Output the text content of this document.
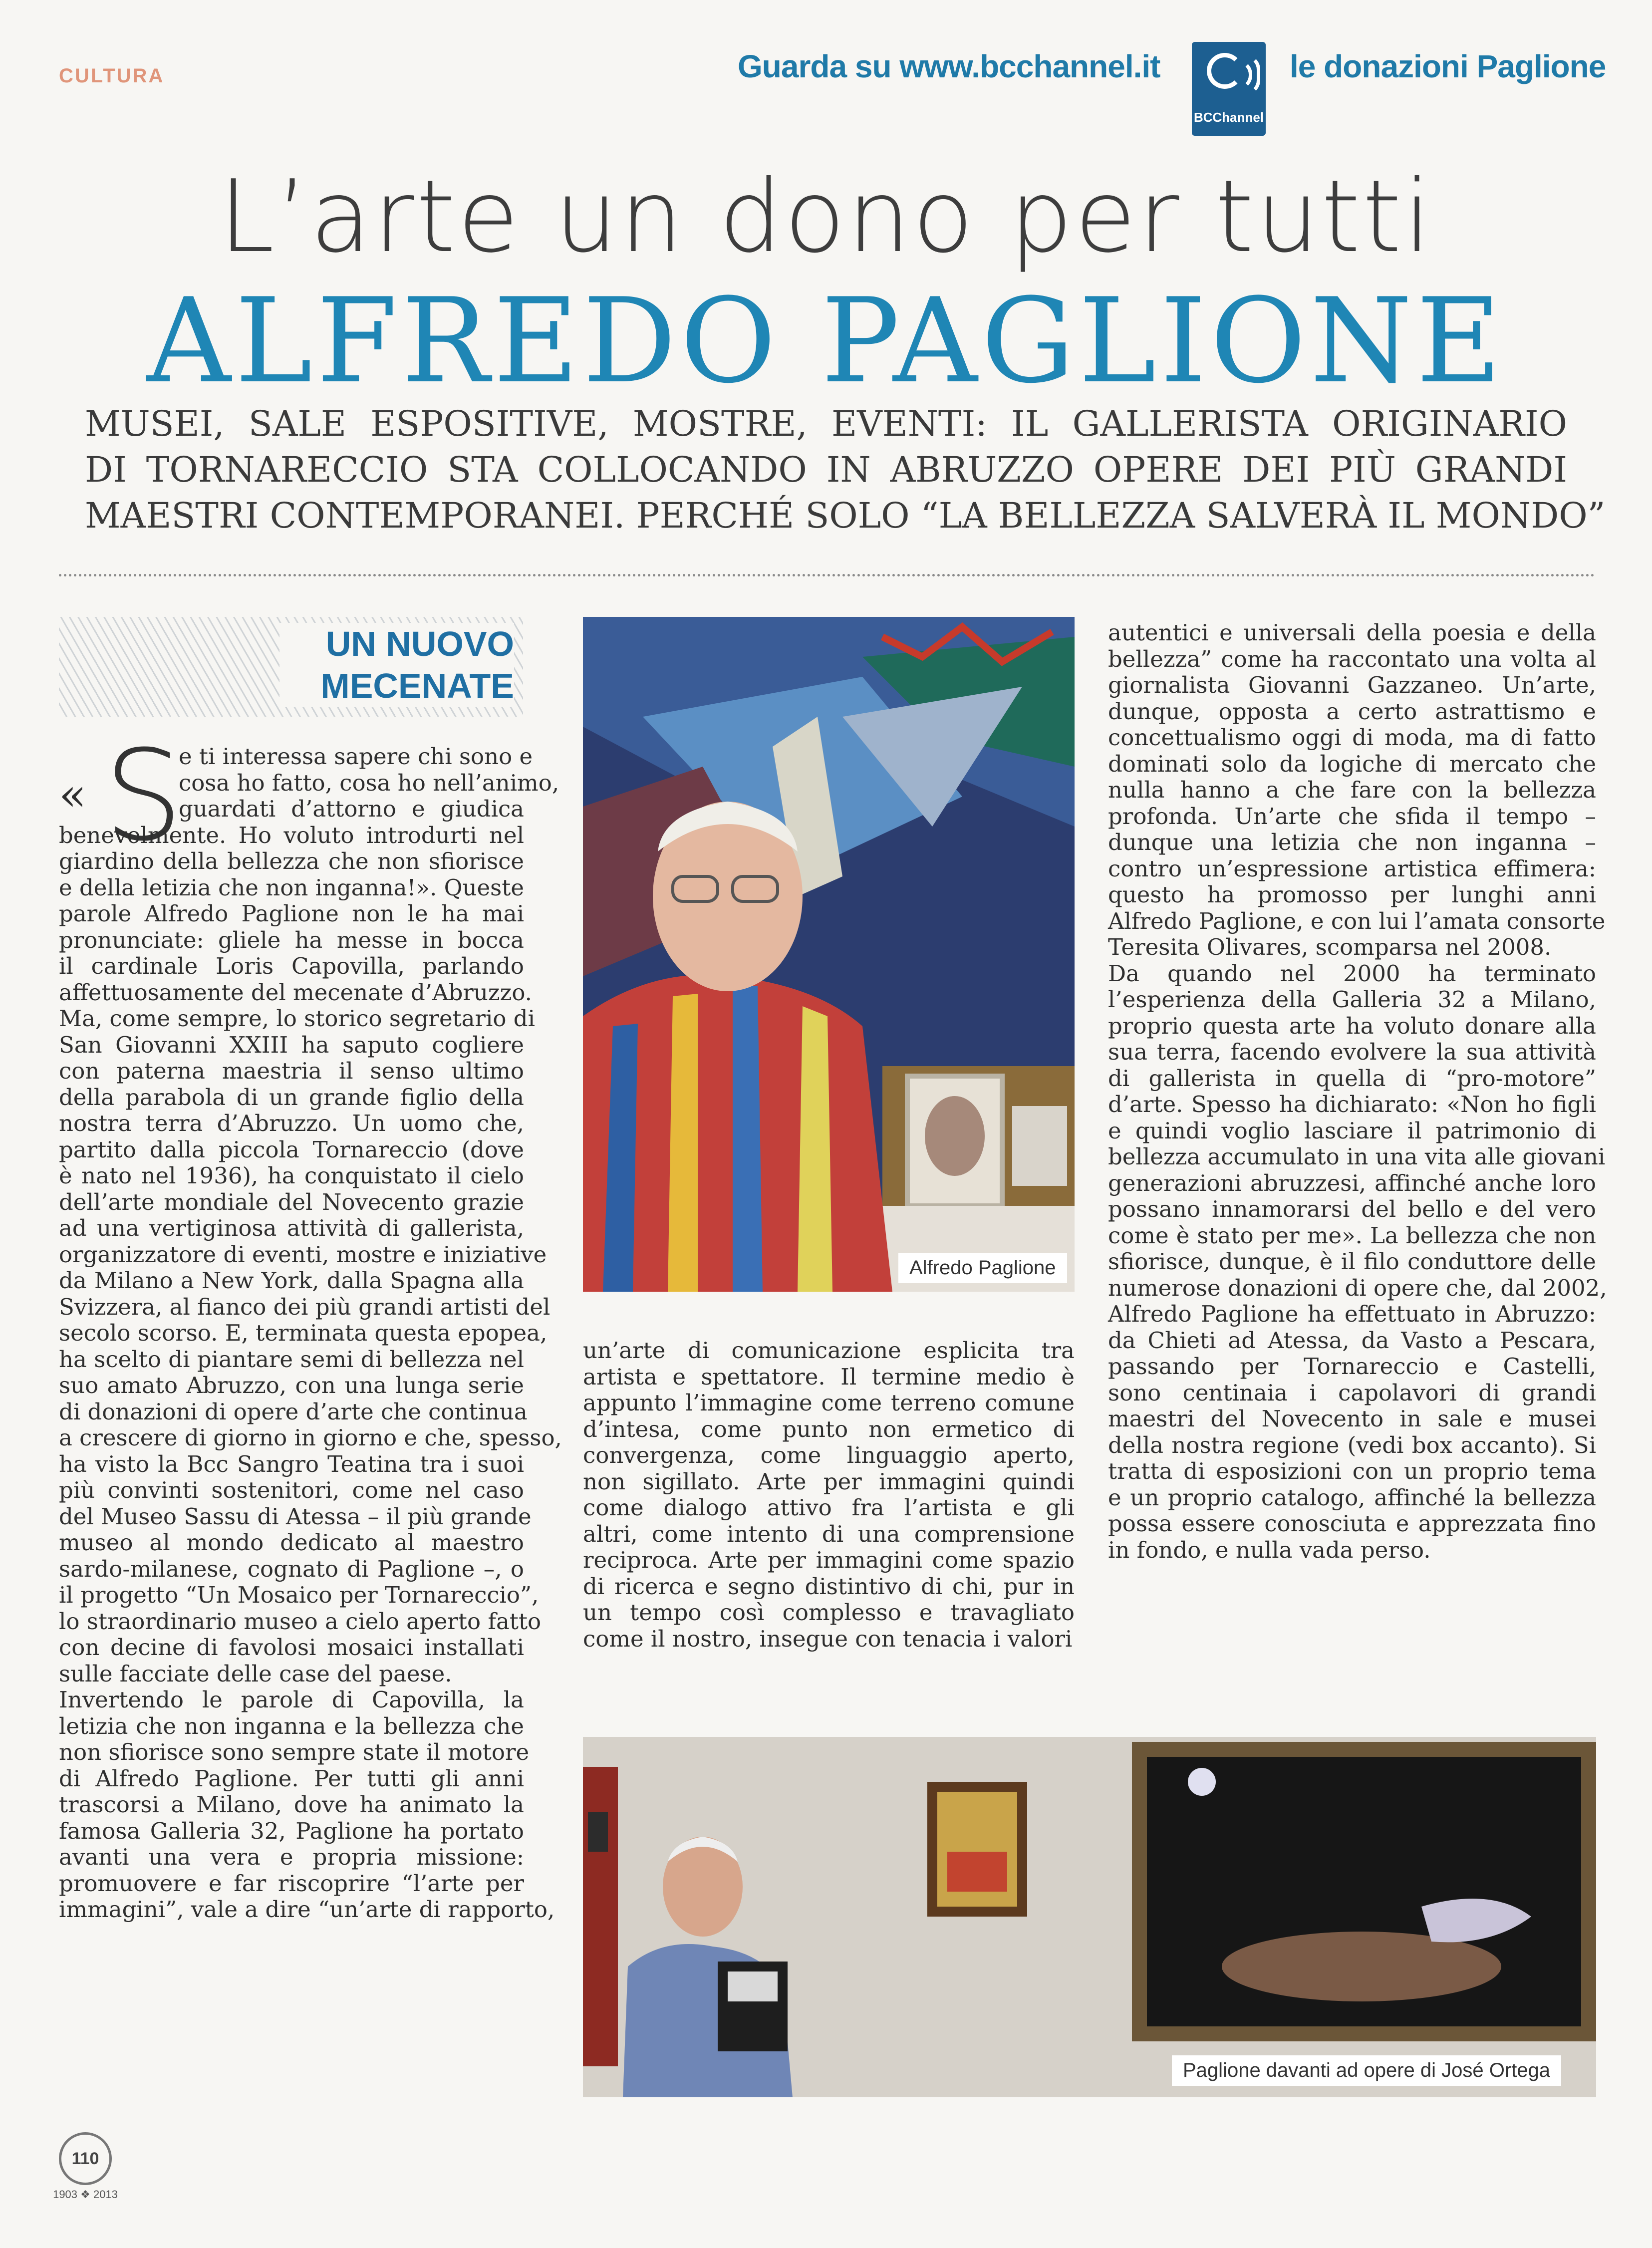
CULTURA	Guarda su www.bcchannel.it
BCChannel
le donazioni Paglione
L’arte un dono per tutti
ALFREDO PAGLIONE
MUSEI, SALE ESPOSITIVE, MOSTRE, EVENTI: IL GALLERISTA ORIGINARIO
DI TORNARECCIO STA COLLOCANDO IN ABRUZZO OPERE DEI PIÙ GRANDI
MAESTRI CONTEMPORANEI. PERCHÉ SOLO “LA BELLEZZA SALVERÀ IL MONDO”
UN NUOVO
MECENATE
« S
e ti interessa sapere chi sono e
cosa ho fatto, cosa ho nell’animo,
guardati d’attorno e giudica
benevolmente. Ho voluto introdurti nel
giardino della bellezza che non sfiorisce
e della letizia che non inganna!». Queste
parole Alfredo Paglione non le ha mai
pronunciate: gliele ha messe in bocca
il cardinale Loris Capovilla, parlando
affettuosamente del mecenate d’Abruzzo.
Ma, come sempre, lo storico segretario di
San Giovanni XXIII ha saputo cogliere
con paterna maestria il senso ultimo
della parabola di un grande figlio della
nostra terra d’Abruzzo. Un uomo che,
partito dalla piccola Tornareccio (dove
è nato nel 1936), ha conquistato il cielo
dell’arte mondiale del Novecento grazie
ad una vertiginosa attività di gallerista,
organizzatore di eventi, mostre e iniziative
da Milano a New York, dalla Spagna alla
Svizzera, al fianco dei più grandi artisti del
secolo scorso. E, terminata questa epopea,
ha scelto di piantare semi di bellezza nel
suo amato Abruzzo, con una lunga serie
di donazioni di opere d’arte che continua
a crescere di giorno in giorno e che, spesso,
ha visto la Bcc Sangro Teatina tra i suoi
più convinti sostenitori, come nel caso
del Museo Sassu di Atessa – il più grande
museo al mondo dedicato al maestro
sardo-milanese, cognato di Paglione –, o
il progetto “Un Mosaico per Tornareccio”,
lo straordinario museo a cielo aperto fatto
con decine di favolosi mosaici installati
sulle facciate delle case del paese.
Invertendo le parole di Capovilla, la
letizia che non inganna e la bellezza che
non sfiorisce sono sempre state il motore
di Alfredo Paglione. Per tutti gli anni
trascorsi a Milano, dove ha animato la
famosa Galleria 32, Paglione ha portato
avanti una vera e propria missione:
promuovere e far riscoprire “l’arte per
immagini”, vale a dire “un’arte di rapporto,
Alfredo Paglione
un’arte di comunicazione esplicita tra
artista e spettatore. Il termine medio è
appunto l’immagine come terreno comune
d’intesa, come punto non ermetico di
convergenza, come linguaggio aperto,
non sigillato. Arte per immagini quindi
come dialogo attivo fra l’artista e gli
altri, come intento di una comprensione
reciproca. Arte per immagini come spazio
di ricerca e segno distintivo di chi, pur in
un tempo così complesso e travagliato
come il nostro, insegue con tenacia i valori
autentici e universali della poesia e della
bellezza” come ha raccontato una volta al
giornalista Giovanni Gazzaneo. Un’arte,
dunque, opposta a certo astrattismo e
concettualismo oggi di moda, ma di fatto
dominati solo da logiche di mercato che
nulla hanno a che fare con la bellezza
profonda. Un’arte che sfida il tempo –
dunque una letizia che non inganna –
contro un’espressione artistica effimera:
questo ha promosso per lunghi anni
Alfredo Paglione, e con lui l’amata consorte
Teresita Olivares, scomparsa nel 2008.
Da quando nel 2000 ha terminato
l’esperienza della Galleria 32 a Milano,
proprio questa arte ha voluto donare alla
sua terra, facendo evolvere la sua attività
di gallerista in quella di “pro-motore”
d’arte. Spesso ha dichiarato: «Non ho figli
e quindi voglio lasciare il patrimonio di
bellezza accumulato in una vita alle giovani
generazioni abruzzesi, affinché anche loro
possano innamorarsi del bello e del vero
come è stato per me». La bellezza che non
sfiorisce, dunque, è il filo conduttore delle
numerose donazioni di opere che, dal 2002,
Alfredo Paglione ha effettuato in Abruzzo:
da Chieti ad Atessa, da Vasto a Pescara,
passando per Tornareccio e Castelli,
sono centinaia i capolavori di grandi
maestri del Novecento in sale e musei
della nostra regione (vedi box accanto). Si
tratta di esposizioni con un proprio tema
e un proprio catalogo, affinché la bellezza
possa essere conosciuta e apprezzata fino
in fondo, e nulla vada perso.
Paglione davanti ad opere di José Ortega
110
1903 ❖ 2013
